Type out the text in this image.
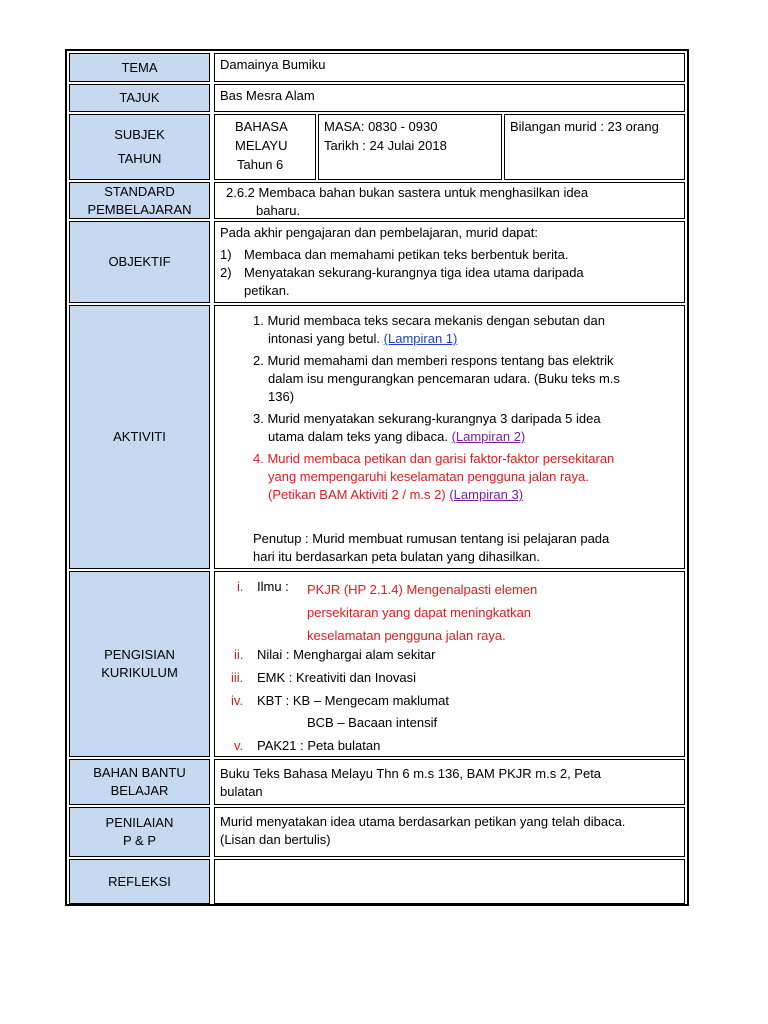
TEMA	Damainya Bumiku
TAJUK	Bas Mesra Alam
SUBJEK
TAHUN
BAHASA
MELAYU
Tahun 6
MASA: 0830 - 0930
Tarikh : 24 Julai 2018
Bilangan murid : 23 orang
STANDARD
PEMBELAJARAN
2.6.2 Membaca bahan bukan sastera untuk menghasilkan idea
baharu.
OBJEKTIF
Pada akhir pengajaran dan pembelajaran, murid dapat:
1) Membaca dan memahami petikan teks berbentuk berita.
2) Menyatakan sekurang-kurangnya tiga idea utama daripada
petikan.
AKTIVITI
1. Murid membaca teks secara mekanis dengan sebutan dan
intonasi yang betul. (Lampiran 1)
2. Murid memahami dan memberi respons tentang bas elektrik
dalam isu mengurangkan pencemaran udara. (Buku teks m.s
136)
3. Murid menyatakan sekurang-kurangnya 3 daripada 5 idea
utama dalam teks yang dibaca. (Lampiran 2)
4. Murid membaca petikan dan garisi faktor-faktor persekitaran
yang mempengaruhi keselamatan pengguna jalan raya.
(Petikan BAM Aktiviti 2 / m.s 2) (Lampiran 3)
Penutup : Murid membuat rumusan tentang isi pelajaran pada
hari itu berdasarkan peta bulatan yang dihasilkan.
PENGISIAN
KURIKULUM
i. Ilmu : PKJR (HP 2.1.4) Mengenalpasti elemen
persekitaran yang dapat meningkatkan
keselamatan pengguna jalan raya.
ii. Nilai : Menghargai alam sekitar
iii. EMK : Kreativiti dan Inovasi
iv. KBT : KB – Mengecam maklumat
BCB – Bacaan intensif
v. PAK21 : Peta bulatan
BAHAN BANTU
BELAJAR
Buku Teks Bahasa Melayu Thn 6 m.s 136, BAM PKJR m.s 2, Peta
bulatan
PENILAIAN
P & P
Murid menyatakan idea utama berdasarkan petikan yang telah dibaca.
(Lisan dan bertulis)
REFLEKSI
